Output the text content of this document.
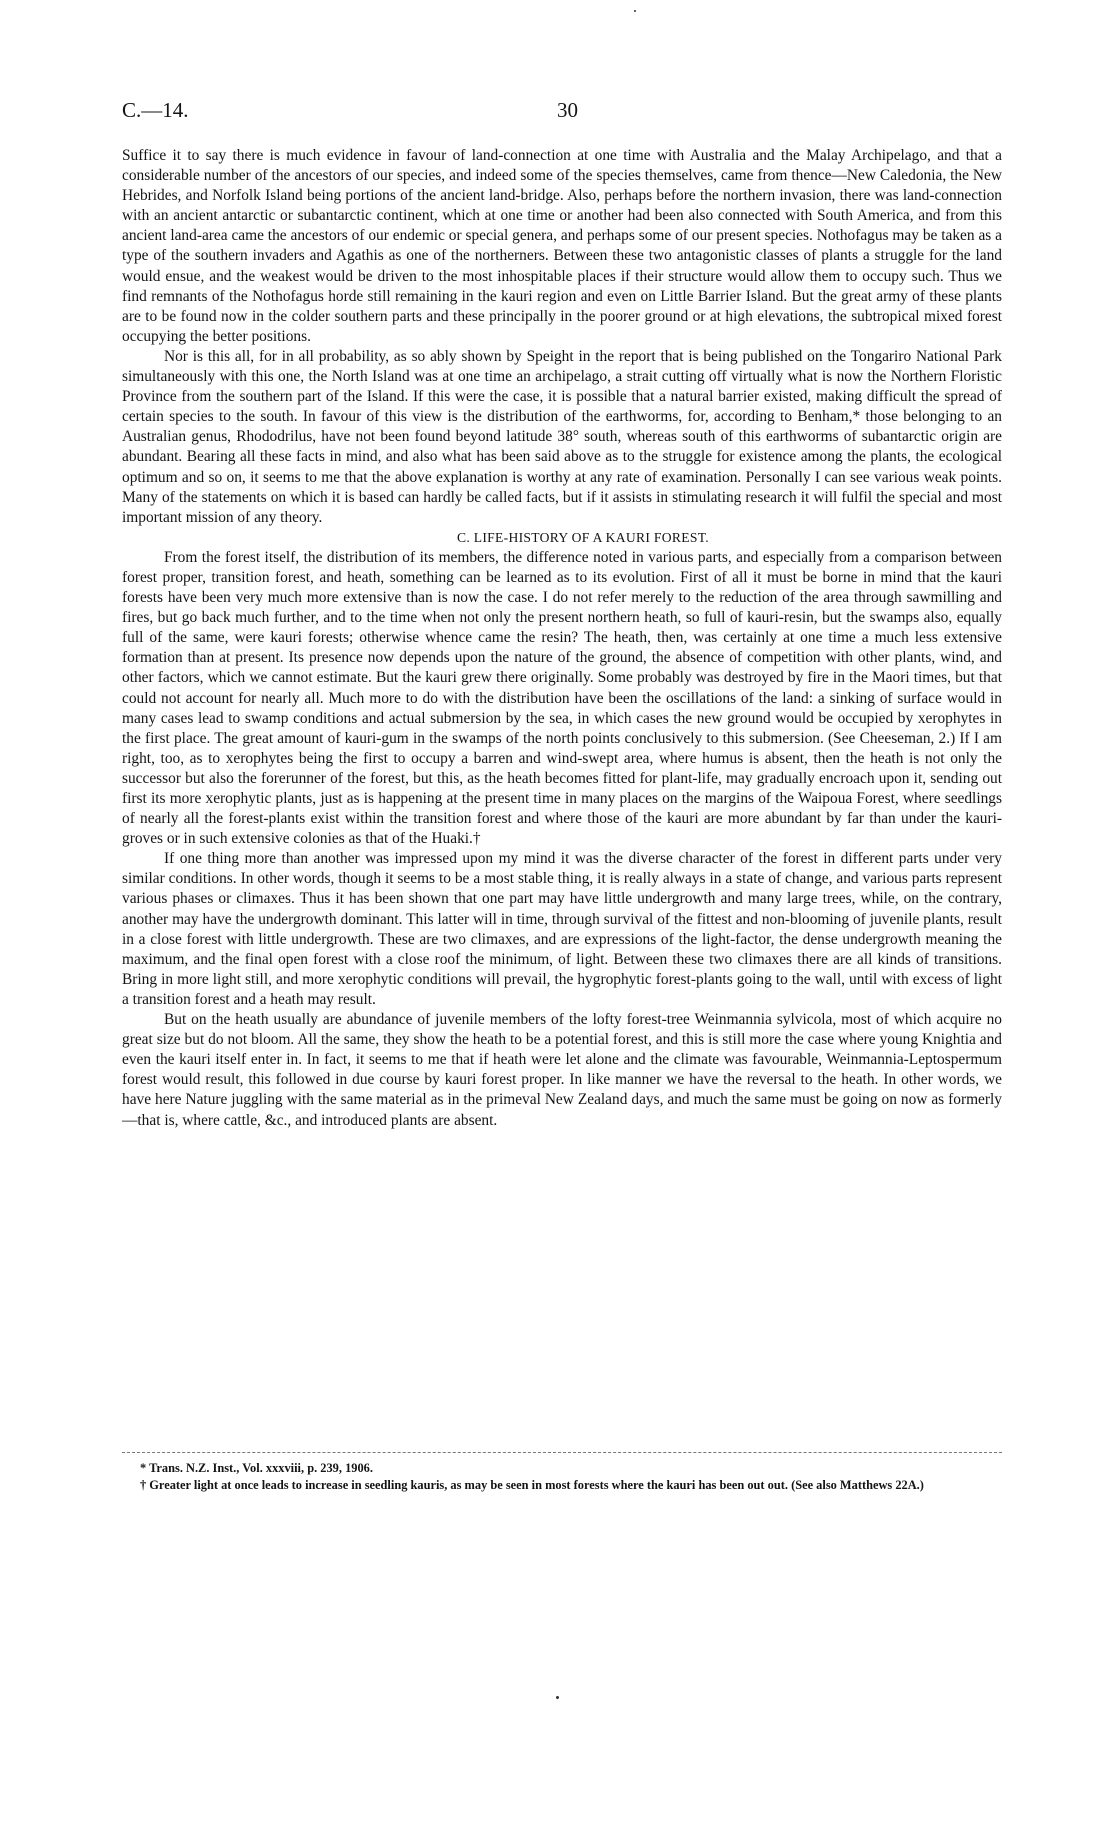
C.—14.	30

Suffice it to say there is much evidence in favour of land-connection at one time with Australia and the Malay Archipelago, and that a considerable number of the ancestors of our species, and indeed some of the species themselves, came from thence—New Caledonia, the New Hebrides, and Norfolk Island being portions of the ancient land-bridge. Also, perhaps before the northern invasion, there was land-connection with an ancient antarctic or subantarctic continent, which at one time or another had been also connected with South America, and from this ancient land-area came the ancestors of our endemic or special genera, and perhaps some of our present species. Nothofagus may be taken as a type of the southern invaders and Agathis as one of the northerners. Between these two antagonistic classes of plants a struggle for the land would ensue, and the weakest would be driven to the most inhospitable places if their structure would allow them to occupy such. Thus we find remnants of the Nothofagus horde still remaining in the kauri region and even on Little Barrier Island. But the great army of these plants are to be found now in the colder southern parts and these principally in the poorer ground or at high elevations, the subtropical mixed forest occupying the better positions.

Nor is this all, for in all probability, as so ably shown by Speight in the report that is being published on the Tongariro National Park simultaneously with this one, the North Island was at one time an archipelago, a strait cutting off virtually what is now the Northern Floristic Province from the southern part of the Island. If this were the case, it is possible that a natural barrier existed, making difficult the spread of certain species to the south. In favour of this view is the distribution of the earthworms, for, according to Benham,* those belonging to an Australian genus, Rhododrilus, have not been found beyond latitude 38° south, whereas south of this earthworms of subantarctic origin are abundant. Bearing all these facts in mind, and also what has been said above as to the struggle for existence among the plants, the ecological optimum and so on, it seems to me that the above explanation is worthy at any rate of examination. Personally I can see various weak points. Many of the statements on which it is based can hardly be called facts, but if it assists in stimulating research it will fulfil the special and most important mission of any theory.

C. LIFE-HISTORY OF A KAURI FOREST.

From the forest itself, the distribution of its members, the difference noted in various parts, and especially from a comparison between forest proper, transition forest, and heath, something can be learned as to its evolution. First of all it must be borne in mind that the kauri forests have been very much more extensive than is now the case. I do not refer merely to the reduction of the area through sawmilling and fires, but go back much further, and to the time when not only the present northern heath, so full of kauri-resin, but the swamps also, equally full of the same, were kauri forests; otherwise whence came the resin? The heath, then, was certainly at one time a much less extensive formation than at present. Its presence now depends upon the nature of the ground, the absence of competition with other plants, wind, and other factors, which we cannot estimate. But the kauri grew there originally. Some probably was destroyed by fire in the Maori times, but that could not account for nearly all. Much more to do with the distribution have been the oscillations of the land: a sinking of surface would in many cases lead to swamp conditions and actual submersion by the sea, in which cases the new ground would be occupied by xerophytes in the first place. The great amount of kauri-gum in the swamps of the north points conclusively to this submersion. (See Cheeseman, 2.) If I am right, too, as to xerophytes being the first to occupy a barren and wind-swept area, where humus is absent, then the heath is not only the successor but also the forerunner of the forest, but this, as the heath becomes fitted for plant-life, may gradually encroach upon it, sending out first its more xerophytic plants, just as is happening at the present time in many places on the margins of the Waipoua Forest, where seedlings of nearly all the forest-plants exist within the transition forest and where those of the kauri are more abundant by far than under the kauri-groves or in such extensive colonies as that of the Huaki.†

If one thing more than another was impressed upon my mind it was the diverse character of the forest in different parts under very similar conditions. In other words, though it seems to be a most stable thing, it is really always in a state of change, and various parts represent various phases or climaxes. Thus it has been shown that one part may have little undergrowth and many large trees, while, on the contrary, another may have the undergrowth dominant. This latter will in time, through survival of the fittest and non-blooming of juvenile plants, result in a close forest with little undergrowth. These are two climaxes, and are expressions of the light-factor, the dense undergrowth meaning the maximum, and the final open forest with a close roof the minimum, of light. Between these two climaxes there are all kinds of transitions. Bring in more light still, and more xerophytic conditions will prevail, the hygrophytic forest-plants going to the wall, until with excess of light a transition forest and a heath may result.

But on the heath usually are abundance of juvenile members of the lofty forest-tree Weinmannia sylvicola, most of which acquire no great size but do not bloom. All the same, they show the heath to be a potential forest, and this is still more the case where young Knightia and even the kauri itself enter in. In fact, it seems to me that if heath were let alone and the climate was favourable, Weinmannia-Leptospermum forest would result, this followed in due course by kauri forest proper. In like manner we have the reversal to the heath. In other words, we have here Nature juggling with the same material as in the primeval New Zealand days, and much the same must be going on now as formerly—that is, where cattle, &c., and introduced plants are absent.

* Trans. N.Z. Inst., Vol. xxxviii, p. 239, 1906.

† Greater light at once leads to increase in seedling kauris, as may be seen in most forests where the kauri has been out out. (See also Matthews 22A.)
